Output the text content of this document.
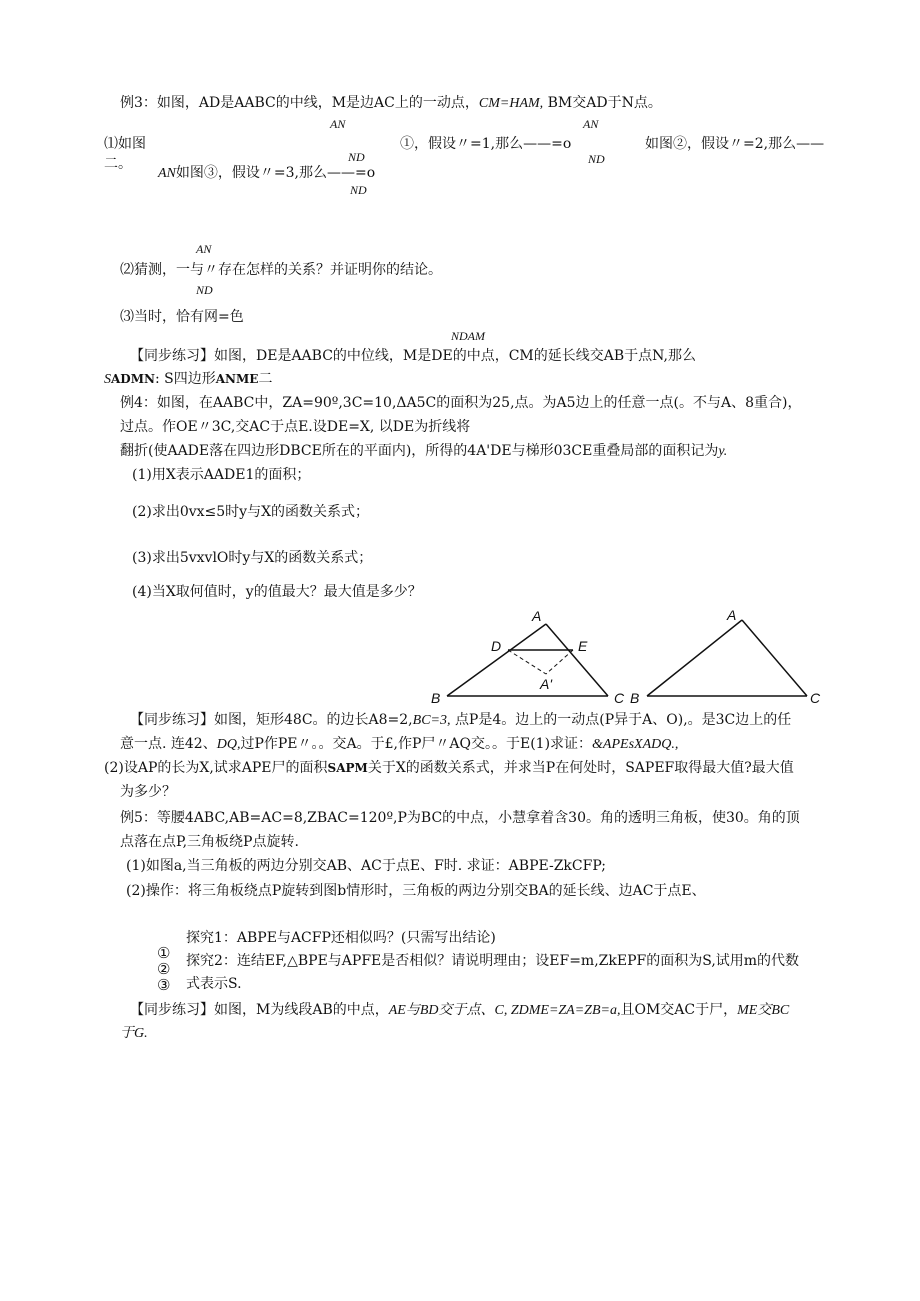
例3：如图，AD是AABC的中线，M是边AC上的一动点，CM=HAM, BM交AD于N点。
AN	AN
⑴如图	①，假设〃=1,那么——=o	如图②，假设〃=2,那么——
ND	ND
二。
AN如图③，假设〃=3,那么——=o
ND
AN
⑵猜测，一与〃存在怎样的关系？并证明你的结论。
ND
⑶当时，恰有网=色
NDAM
【同步练习】如图，DE是AABC的中位线，M是DE的中点，CM的延长线交AB于点N,那么
SADMN: S四边形ANME二
例4：如图，在AABC中，ZA=90º,3C=10,ΔA5C的面积为25,点。为A5边上的任意一点(。不与A、8重合)，
过点。作OE〃3C,交AC于点E.设DE=X, 以DE为折线将
翻折(使AADE落在四边形DBCE所在的平面内)，所得的4A'DE与梯形03CE重叠局部的面积记为y.
(1)用X表示AADE1的面积；
(2)求出0vx≤5时y与X的函数关系式；
(3)求出5vxvlO时y与X的函数关系式；
(4)当X取何值时，y的值最大？最大值是多少？
A
D	E
A'
B	C
A
B	C
【同步练习】如图，矩形48C。的边长A8=2,BC=3, 点P是4。边上的一动点(P异于A、O),。是3C边上的任
意一点. 连42、DQ,过P作PE〃。。交A。于£,作P尸〃AQ交。。于E(1)求证：&APEsXADQ.,
(2)设AP的长为X,试求APE尸的面积SAPM关于X的函数关系式，并求当P在何处时，SAPEF取得最大值?最大值
为多少？
例5：等腰4ABC,AB=AC=8,ZBAC=120º,P为BC的中点，小慧拿着含30。角的透明三角板，使30。角的顶
点落在点P,三角板绕P点旋转.
(1)如图a,当三角板的两边分别交AB、AC于点E、F时. 求证：ABPE-ZkCFP;
(2)操作：将三角板绕点P旋转到图b情形时，三角板的两边分别交BA的延长线、边AC于点E、
探究1：ABPE与ACFP还相似吗？(只需写出结论)
①
②
③
探究2：连结EF,△BPE与APFE是否相似？请说明理由；设EF=m,ZkEPF的面积为S,试用m的代数
式表示S.
【同步练习】如图，M为线段AB的中点，AE与BD交于点、C, ZDME=ZA=ZB=a,且OM交AC于尸，ME交BC
于G.
